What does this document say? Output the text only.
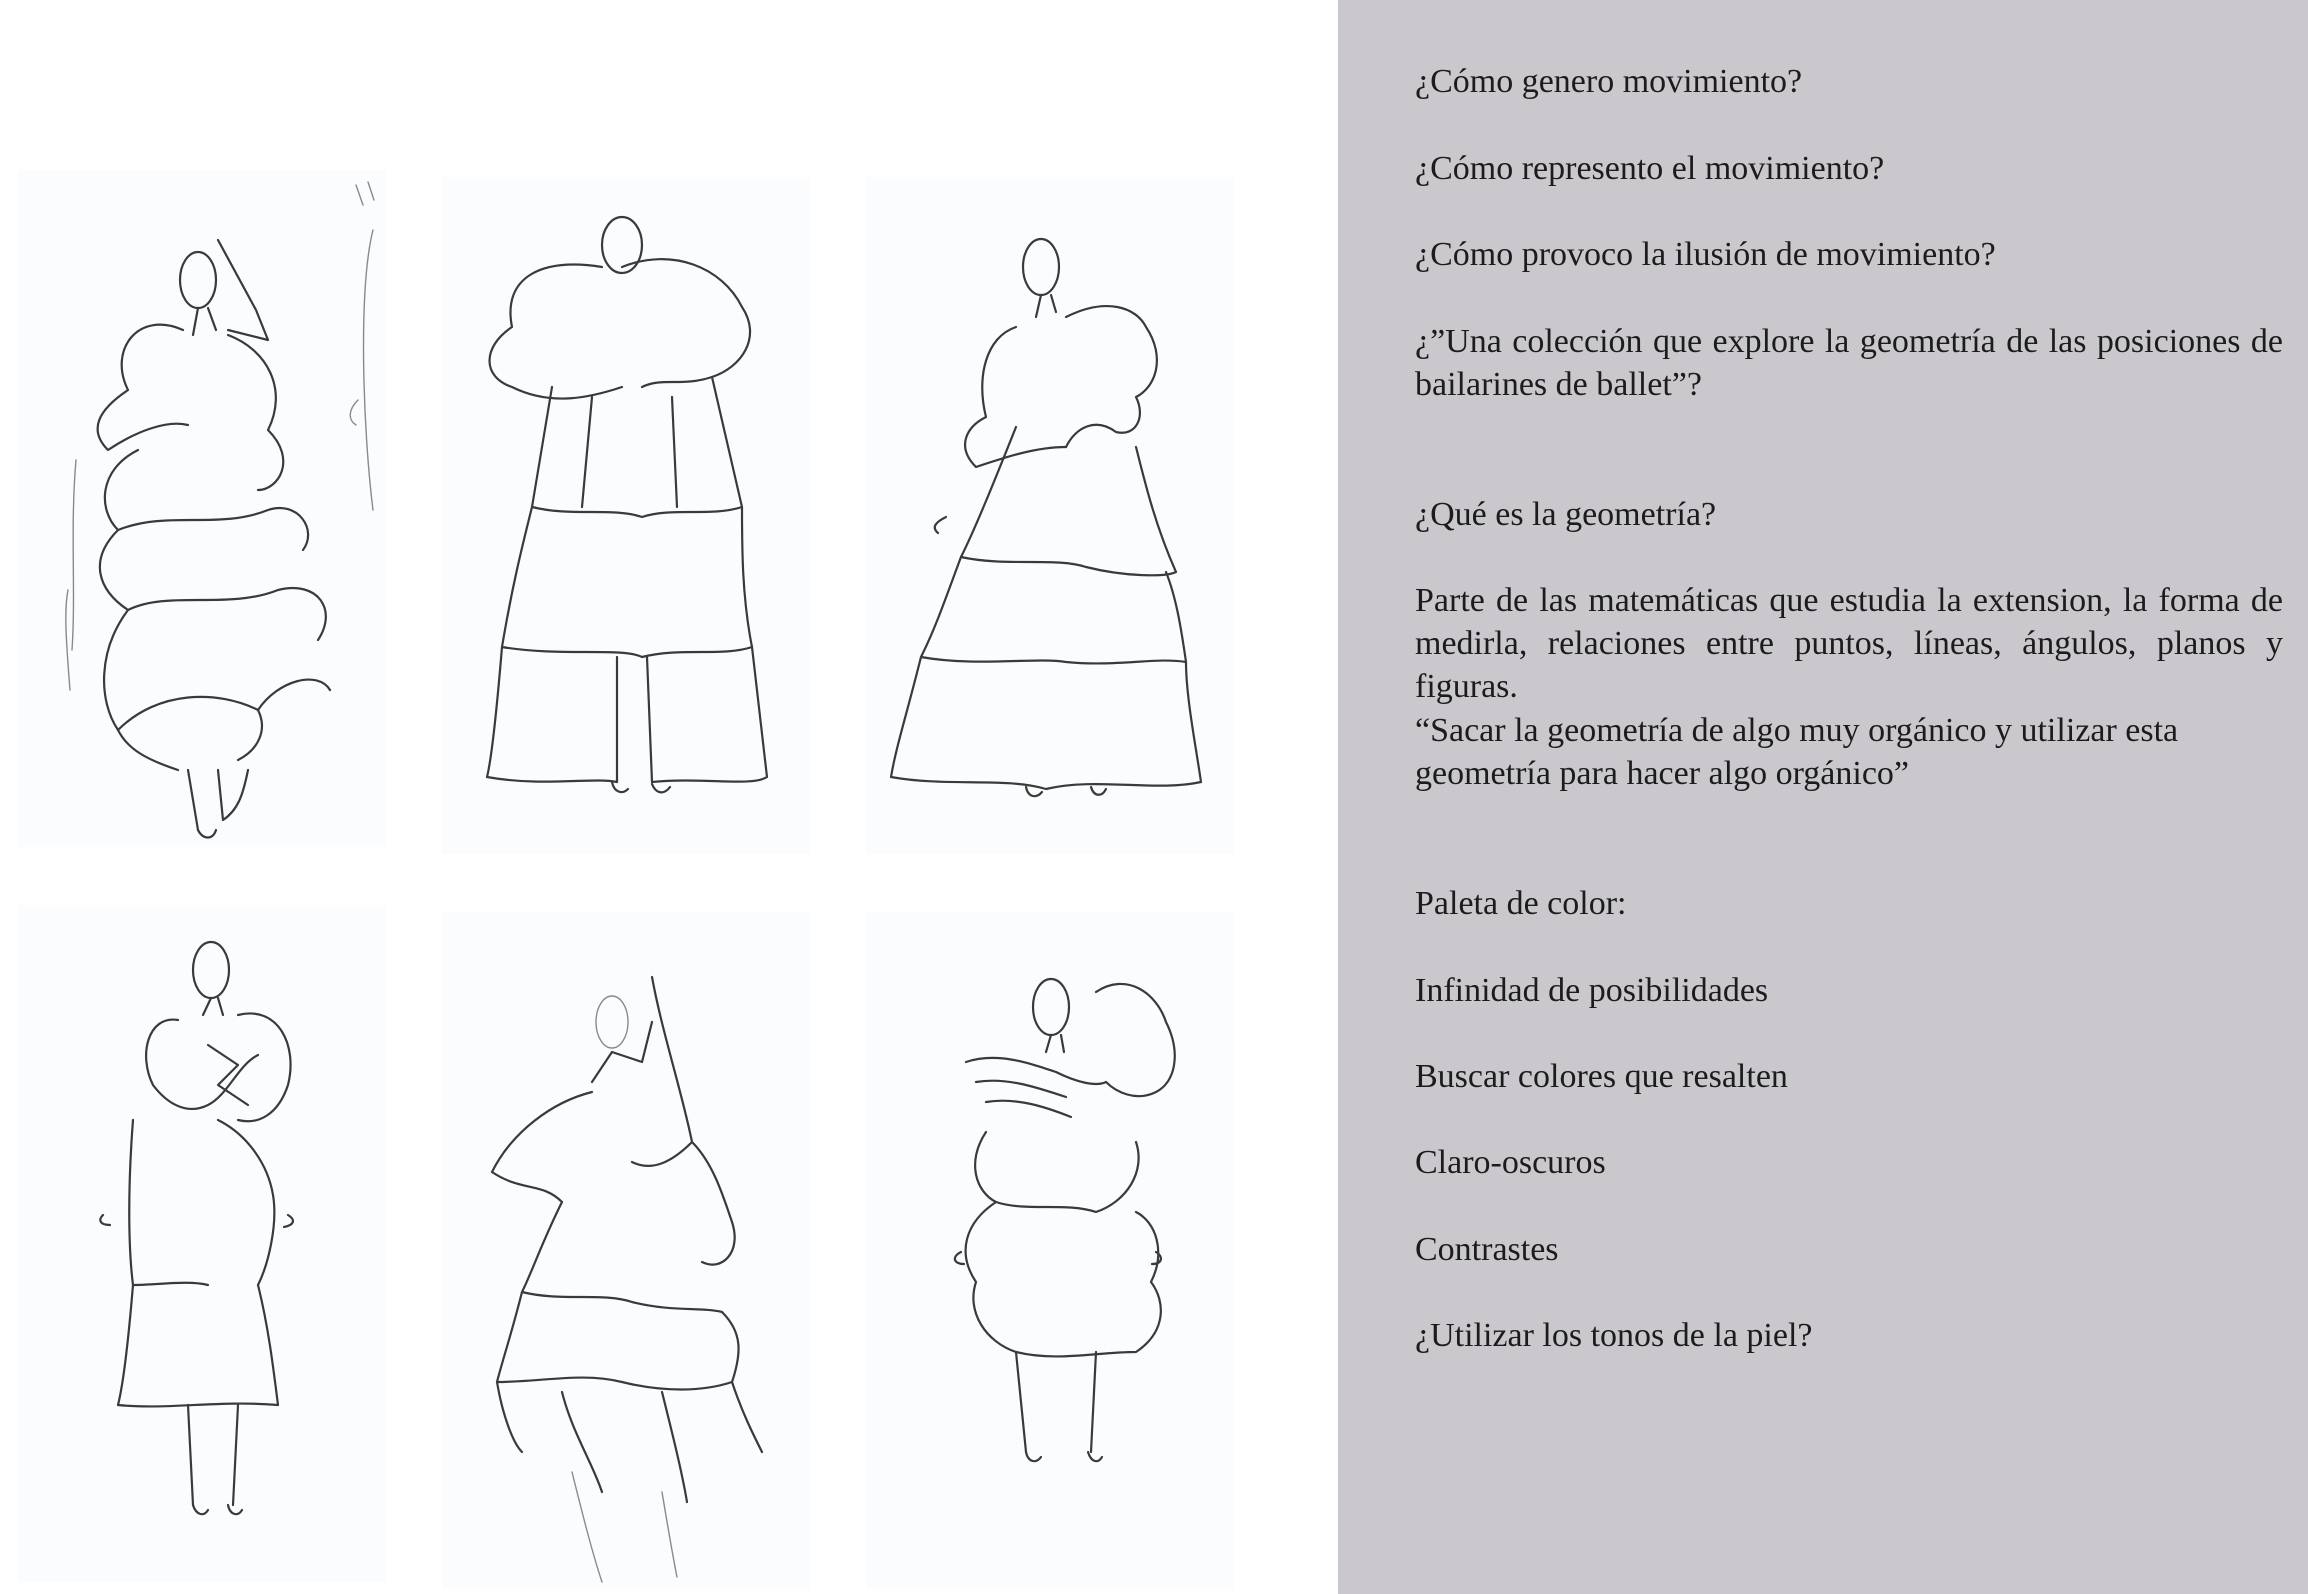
¿Cómo genero movimiento?

¿Cómo represento el movimiento?

¿Cómo provoco la ilusión de movimiento?

¿”Una colección que explore la geometría de las posiciones de bailarines de ballet”?

¿Qué es la geometría?

Parte de las matemáticas que estudia la extension, la forma de medirla, relaciones entre puntos, líneas, ángulos, planos y figuras.

“Sacar la geometría de algo muy orgánico y utilizar esta geometría para hacer algo orgánico”

Paleta de color:

Infinidad de posibilidades

Buscar colores que resalten

Claro-oscuros

Contrastes

¿Utilizar los tonos de la piel?
